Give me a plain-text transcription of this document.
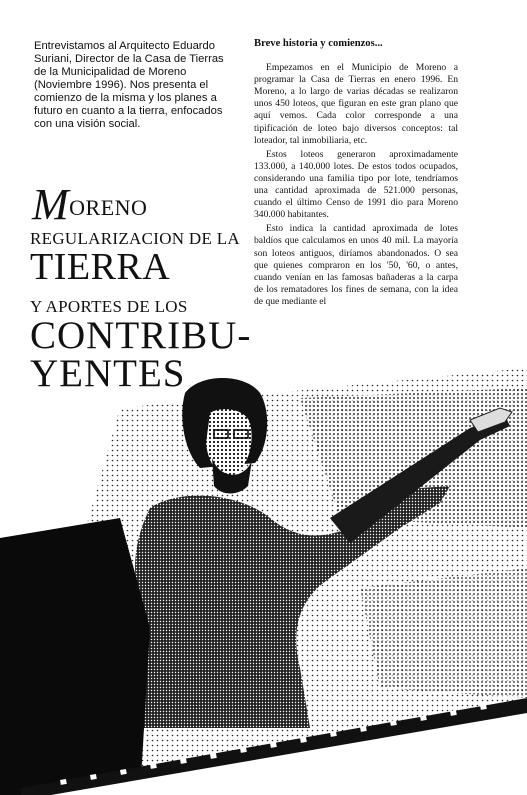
Entrevistamos al Arquitecto Eduardo Suriani, Director de la Casa de Tierras de la Municipalidad de Moreno (Noviembre 1996). Nos presenta el comienzo de la misma y los planes a futuro en cuanto a la tierra, enfocados con una visión social.

MORENO
REGULARIZACION DE LA
TIERRA
Y APORTES DE LOS
CONTRIBU-
YENTES
Breve historia y comienzos...

Empezamos en el Municipio de Moreno a programar la Casa de Tierras en enero 1996. En Moreno, a lo largo de varias décadas se realizaron unos 450 loteos, que figuran en este gran plano que aquí vemos. Cada color corresponde a una tipificación de loteo bajo diversos conceptos: tal loteador, tal inmobiliaria, etc.

Estos loteos generaron aproximadamente 133.000, a 140.000 lotes. De estos todos ocupados, considerando una familia tipo por lote, tendríamos una cantidad aproximada de 521.000 personas, cuando el último Censo de 1991 dio para Moreno 340.000 habitantes.

Esto indica la cantidad aproximada de lotes baldíos que calculamos en unos 40 mil. La mayoría son loteos antiguos, diríamos abandonados. O sea que quienes compraron en los '50, '60, o antes, cuando venían en las famosas bañaderas a la carpa de los rematadores los fines de semana, con la idea de que mediante el
